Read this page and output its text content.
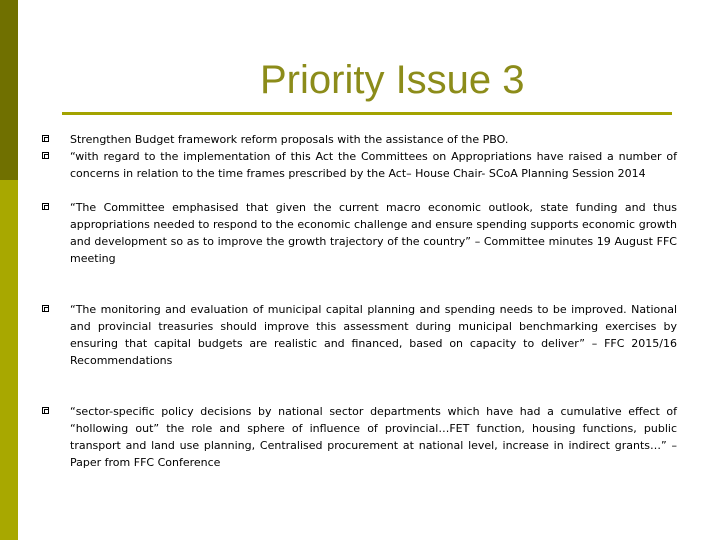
Priority Issue 3
Strengthen Budget framework reform proposals with the assistance of the PBO.
“with regard to the implementation of this Act the Committees on Appropriations have raised a number of concerns in relation to the time frames prescribed by the Act– House Chair- SCoA Planning Session 2014
“The Committee emphasised that given the current macro economic outlook, state funding and thus appropriations needed to respond to the economic challenge and ensure spending supports economic growth and development so as to improve the growth trajectory of the country” – Committee minutes 19 August FFC meeting
“The monitoring and evaluation of municipal capital planning and spending needs to be improved. National and provincial treasuries should improve this assessment during municipal benchmarking exercises by ensuring that capital budgets are realistic and financed, based on capacity to deliver” – FFC 2015/16 Recommendations
“sector-specific policy decisions by national sector departments which have had a cumulative effect of “hollowing out” the role and sphere of influence of provincial…FET function, housing functions, public transport and land use planning, Centralised procurement at national level, increase in indirect grants…” – Paper from FFC Conference
